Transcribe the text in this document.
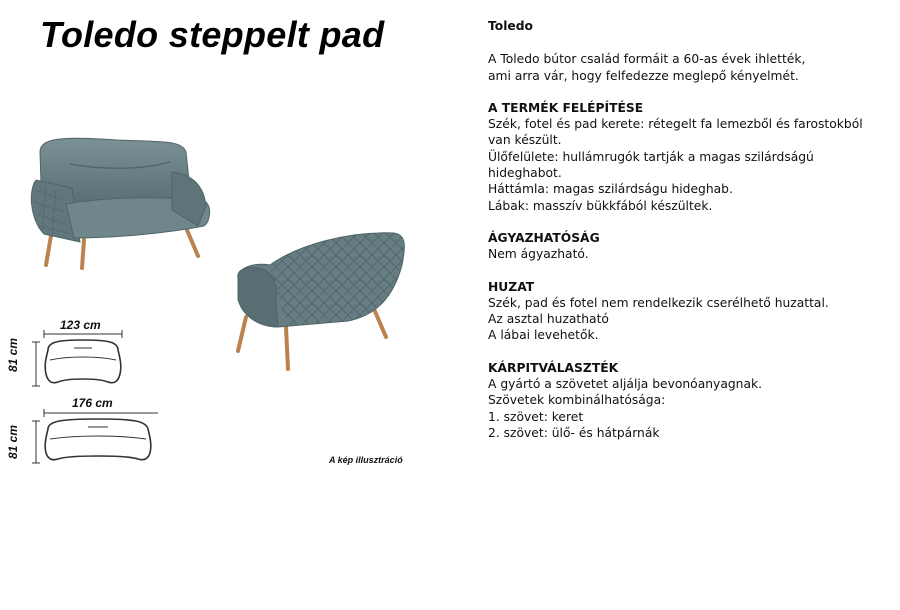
Toledo steppelt pad
123 cm
81 cm
176 cm
81 cm
A kép illusztráció

Toledo

A Toledo bútor család formáit a 60-as évek ihlették,

ami arra vár, hogy felfedezze meglepő kényelmét.

A TERMÉK FELÉPÍTÉSE

Szék, fotel és pad kerete: rétegelt fa lemezből és farostokból

van készült.

Ülőfelülete: hullámrugók tartják a magas szilárdságú

hideghabot.

Háttámla: magas szilárdságu hideghab.

Lábak: masszív bükkfából készültek.

ÁGYAZHATÓSÁG

Nem ágyazható.

HUZAT

Szék, pad és fotel nem rendelkezik cserélhető huzattal.

Az asztal huzatható

A lábai levehetők.

KÁRPITVÁLASZTÉK

A gyártó a szövetet aljálja bevonóanyagnak.

Szövetek kombinálhatósága:

1. szövet: keret

2. szövet: ülő- és hátpárnák
